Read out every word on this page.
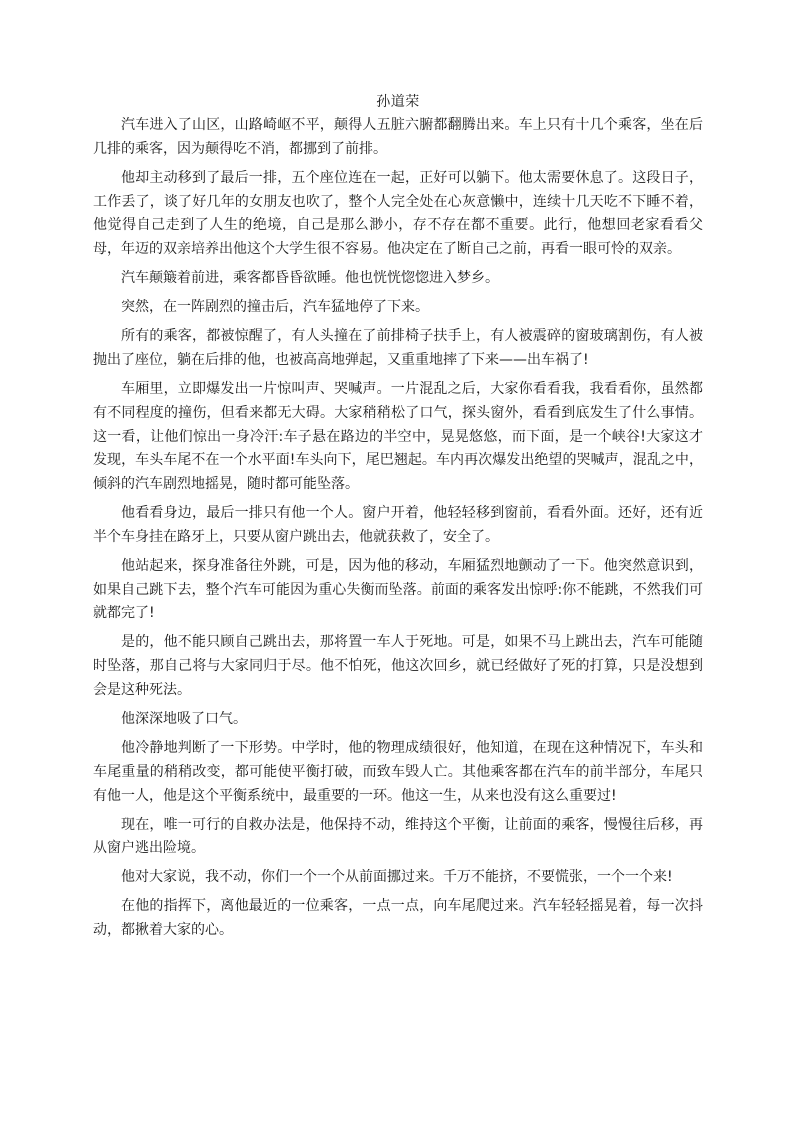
孙道荣

汽车进入了山区，山路崎岖不平，颠得人五脏六腑都翻腾出来。车上只有十几个乘客，坐在后几排的乘客，因为颠得吃不消，都挪到了前排。

他却主动移到了最后一排，五个座位连在一起，正好可以躺下。他太需要休息了。这段日子，工作丢了，谈了好几年的女朋友也吹了，整个人完全处在心灰意懒中，连续十几天吃不下睡不着，他觉得自己走到了人生的绝境，自己是那么渺小，存不存在都不重要。此行，他想回老家看看父母，年迈的双亲培养出他这个大学生很不容易。他决定在了断自己之前，再看一眼可怜的双亲。

汽车颠簸着前进，乘客都昏昏欲睡。他也恍恍惚惚进入梦乡。

突然，在一阵剧烈的撞击后，汽车猛地停了下来。

所有的乘客，都被惊醒了，有人头撞在了前排椅子扶手上，有人被震碎的窗玻璃割伤，有人被抛出了座位，躺在后排的他，也被高高地弹起，又重重地摔了下来——出车祸了!

车厢里，立即爆发出一片惊叫声、哭喊声。一片混乱之后，大家你看看我，我看看你，虽然都有不同程度的撞伤，但看来都无大碍。大家稍稍松了口气，探头窗外，看看到底发生了什么事情。这一看，让他们惊出一身冷汗:车子悬在路边的半空中，晃晃悠悠，而下面，是一个峡谷!大家这才发现，车头车尾不在一个水平面!车头向下，尾巴翘起。车内再次爆发出绝望的哭喊声，混乱之中，倾斜的汽车剧烈地摇晃，随时都可能坠落。

他看看身边，最后一排只有他一个人。窗户开着，他轻轻移到窗前，看看外面。还好，还有近半个车身挂在路牙上，只要从窗户跳出去，他就获救了，安全了。

他站起来，探身准备往外跳，可是，因为他的移动，车厢猛烈地颤动了一下。他突然意识到，如果自己跳下去，整个汽车可能因为重心失衡而坠落。前面的乘客发出惊呼:你不能跳，不然我们可就都完了!

是的，他不能只顾自己跳出去，那将置一车人于死地。可是，如果不马上跳出去，汽车可能随时坠落，那自己将与大家同归于尽。他不怕死，他这次回乡，就已经做好了死的打算，只是没想到会是这种死法。

他深深地吸了口气。

他冷静地判断了一下形势。中学时，他的物理成绩很好，他知道，在现在这种情况下，车头和车尾重量的稍稍改变，都可能使平衡打破，而致车毁人亡。其他乘客都在汽车的前半部分，车尾只有他一人，他是这个平衡系统中，最重要的一环。他这一生，从来也没有这么重要过!

现在，唯一可行的自救办法是，他保持不动，维持这个平衡，让前面的乘客，慢慢往后移，再从窗户逃出险境。

他对大家说，我不动，你们一个一个从前面挪过来。千万不能挤，不要慌张，一个一个来!

在他的指挥下，离他最近的一位乘客，一点一点，向车尾爬过来。汽车轻轻摇晃着，每一次抖动，都揪着大家的心。
